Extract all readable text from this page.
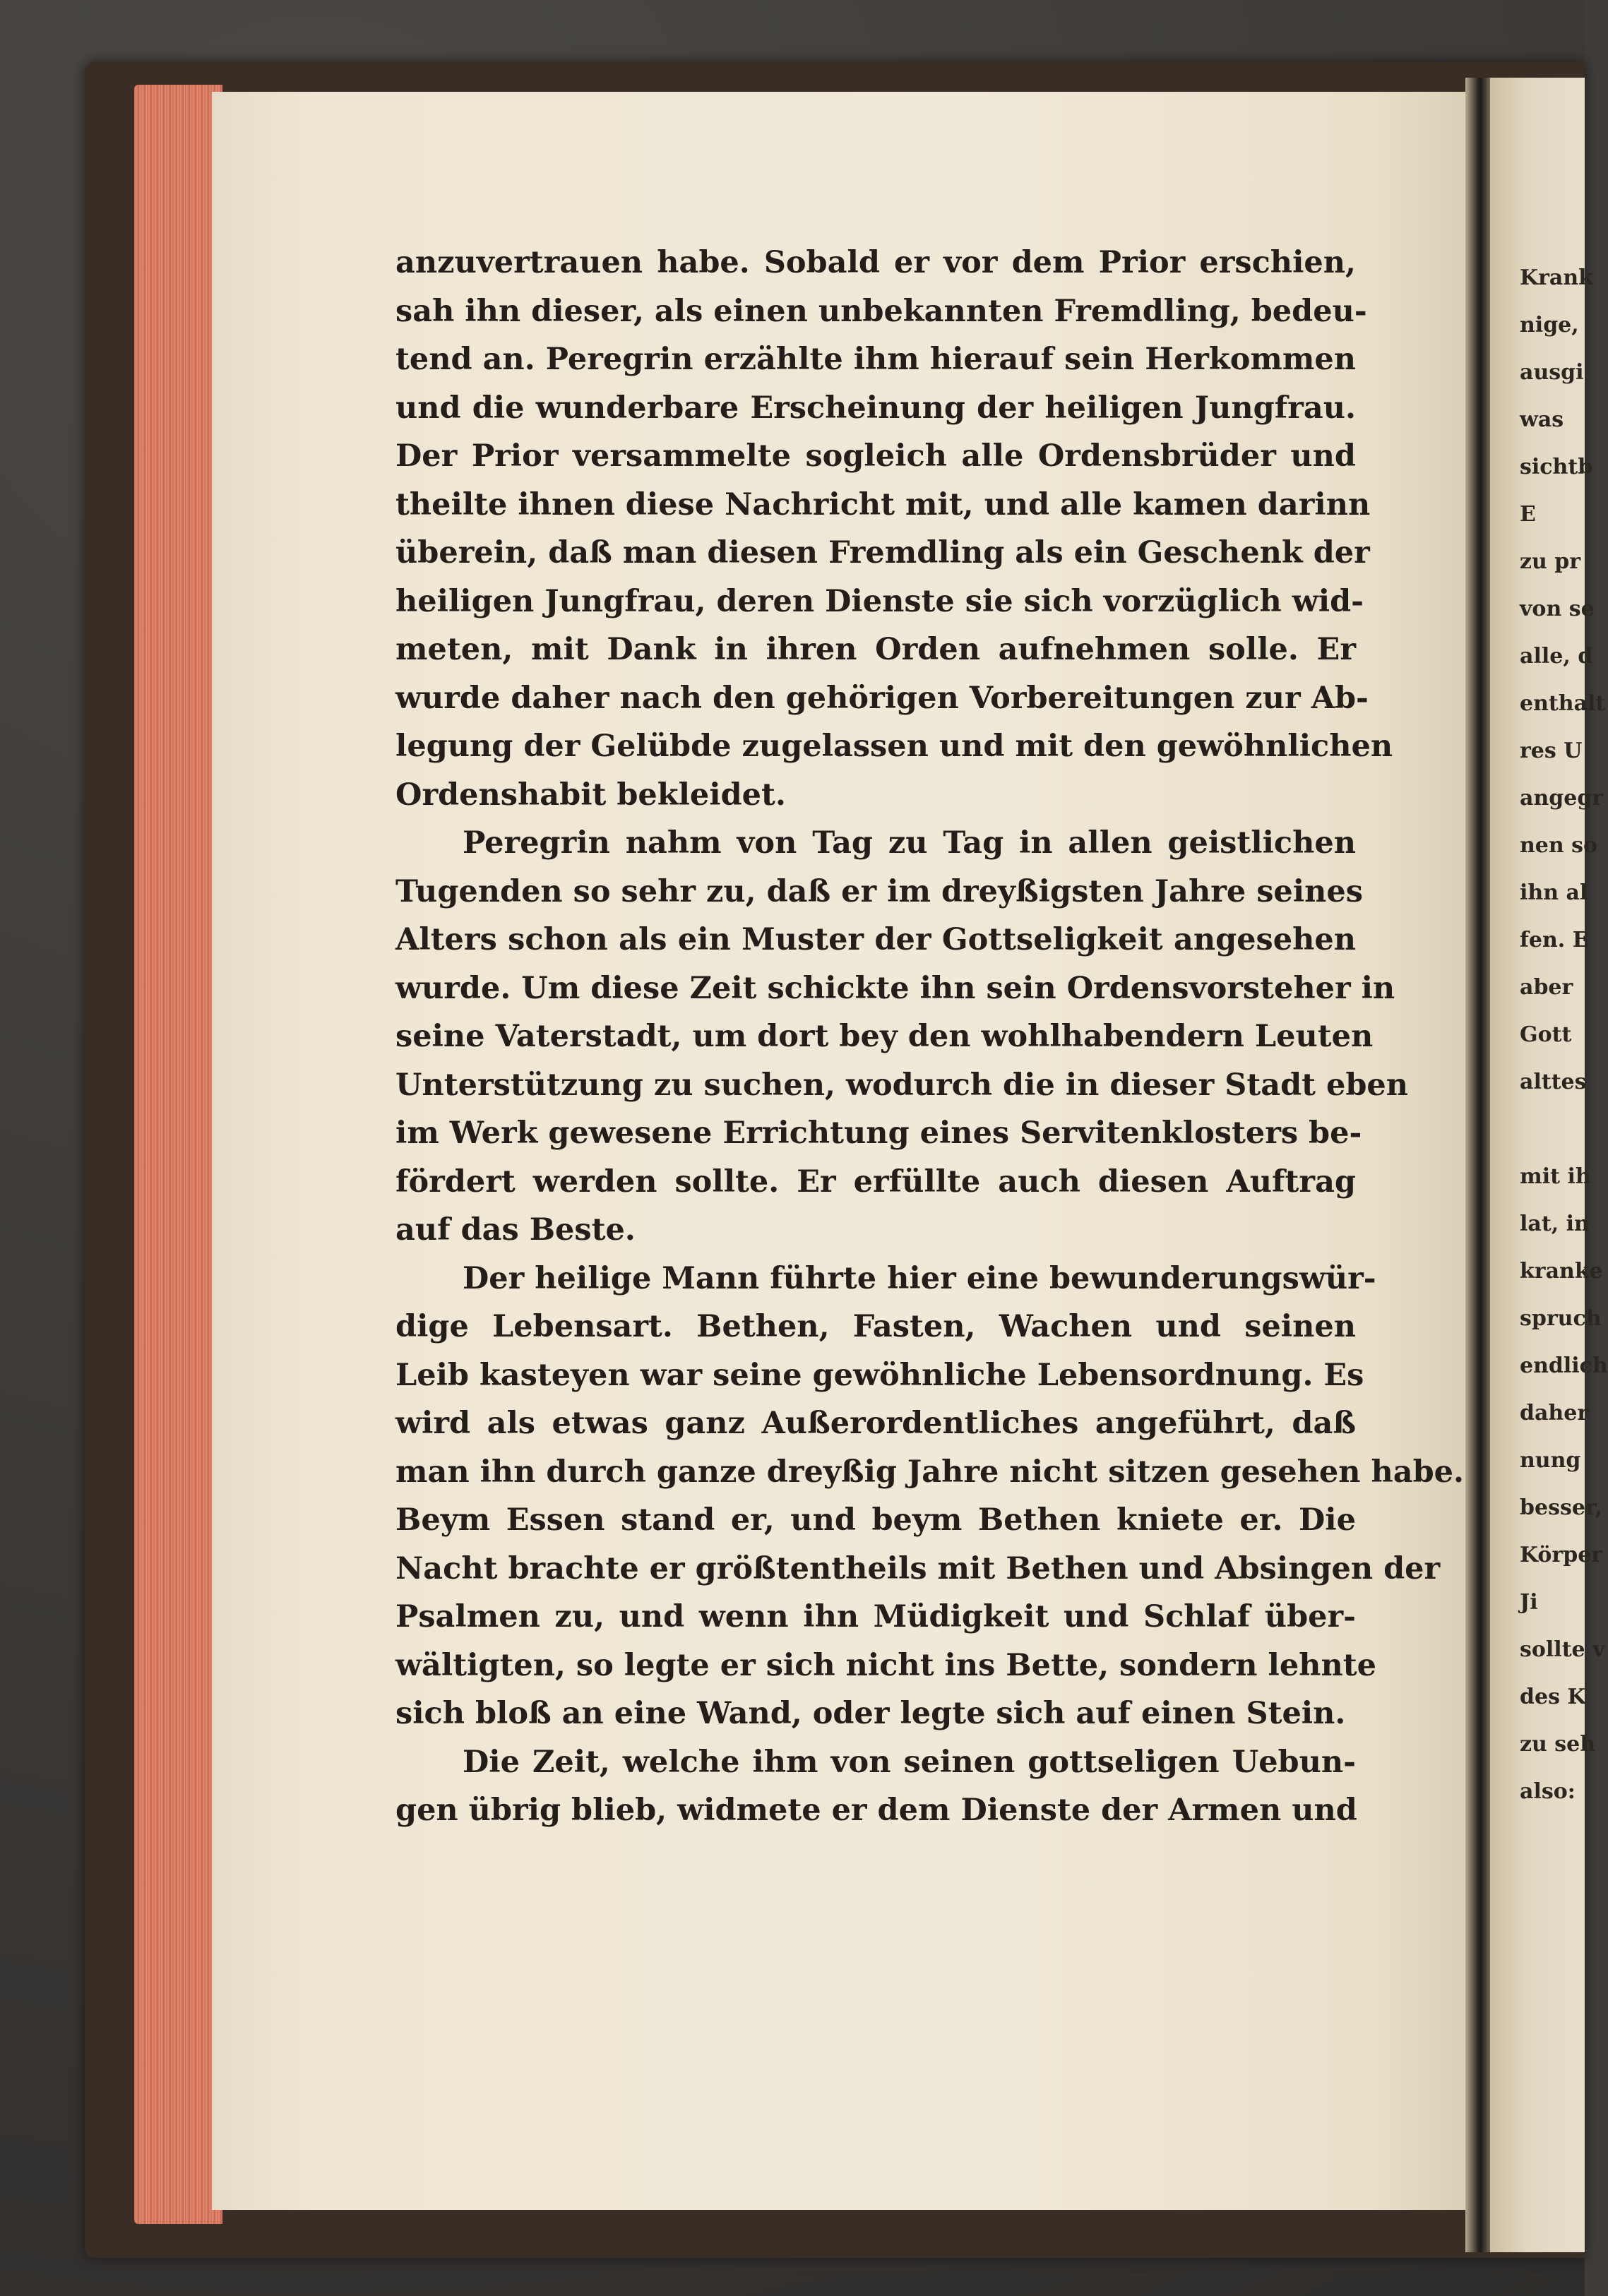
anzuvertrauen habe. Sobald er vor dem Prior erschien,
sah ihn dieser, als einen unbekannten Fremdling, bedeu-
tend an. Peregrin erzählte ihm hierauf sein Herkommen
und die wunderbare Erscheinung der heiligen Jungfrau.
Der Prior versammelte sogleich alle Ordensbrüder und
theilte ihnen diese Nachricht mit, und alle kamen darinn
überein, daß man diesen Fremdling als ein Geschenk der
heiligen Jungfrau, deren Dienste sie sich vorzüglich wid-
meten, mit Dank in ihren Orden aufnehmen solle. Er
wurde daher nach den gehörigen Vorbereitungen zur Ab-
legung der Gelübde zugelassen und mit den gewöhnlichen
Ordenshabit bekleidet.
Peregrin nahm von Tag zu Tag in allen geistlichen
Tugenden so sehr zu, daß er im dreyßigsten Jahre seines
Alters schon als ein Muster der Gottseligkeit angesehen
wurde. Um diese Zeit schickte ihn sein Ordensvorsteher in
seine Vaterstadt, um dort bey den wohlhabendern Leuten
Unterstützung zu suchen, wodurch die in dieser Stadt eben
im Werk gewesene Errichtung eines Servitenklosters be-
fördert werden sollte. Er erfüllte auch diesen Auftrag
auf das Beste.
Der heilige Mann führte hier eine bewunderungswür-
dige Lebensart. Bethen, Fasten, Wachen und seinen
Leib kasteyen war seine gewöhnliche Lebensordnung. Es
wird als etwas ganz Außerordentliches angeführt, daß
man ihn durch ganze dreyßig Jahre nicht sitzen gesehen habe.
Beym Essen stand er, und beym Bethen kniete er. Die
Nacht brachte er größtentheils mit Bethen und Absingen der
Psalmen zu, und wenn ihn Müdigkeit und Schlaf über-
wältigten, so legte er sich nicht ins Bette, sondern lehnte
sich bloß an eine Wand, oder legte sich auf einen Stein.
Die Zeit, welche ihm von seinen gottseligen Uebun-
gen übrig blieb, widmete er dem Dienste der Armen und
Krank
nige,
ausgi
was
sichtb
E
zu pr
von se
alle, d
enthalt
res U
angegr
nen so
ihn al
fen. E
aber
Gott
alttes
mit ih
lat, in
kranke
spruch
endlich
daher
nung
besser,
Körper
Ji
sollte v
des K
zu seh
also:
